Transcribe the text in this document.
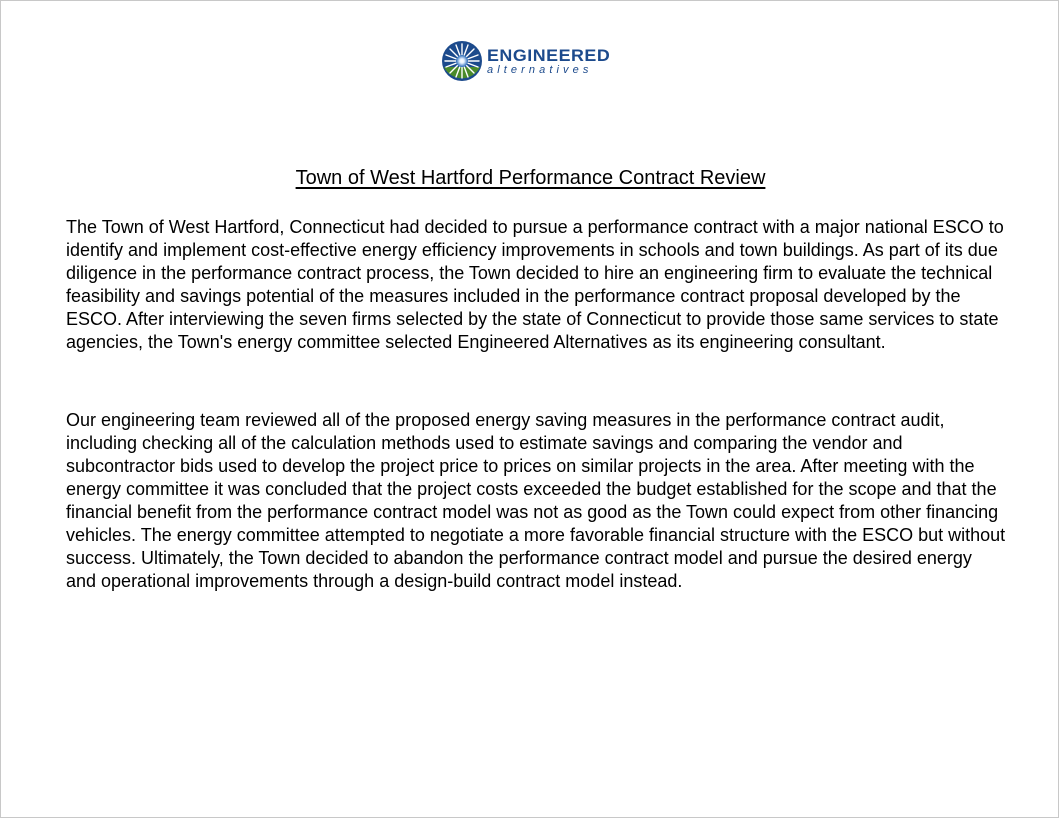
ENGINEERED
alternatives
Town of West Hartford Performance Contract Review

The Town of West Hartford, Connecticut had decided to pursue a performance contract with a major national ESCO to identify and implement cost-effective energy efficiency improvements in schools and town buildings. As part of its due diligence in the performance contract process, the Town decided to hire an engineering firm to evaluate the technical feasibility and savings potential of the measures included in the performance contract proposal developed by the ESCO. After interviewing the seven firms selected by the state of Connecticut to provide those same services to state agencies, the Town's energy committee selected Engineered Alternatives as its engineering consultant.

Our engineering team reviewed all of the proposed energy saving measures in the performance contract audit, including checking all of the calculation methods used to estimate savings and comparing the vendor and subcontractor bids used to develop the project price to prices on similar projects in the area. After meeting with the energy committee it was concluded that the project costs exceeded the budget established for the scope and that the financial benefit from the performance contract model was not as good as the Town could expect from other financing vehicles. The energy committee attempted to negotiate a more favorable financial structure with the ESCO but without success. Ultimately, the Town decided to abandon the performance contract model and pursue the desired energy and operational improvements through a design-build contract model instead.
